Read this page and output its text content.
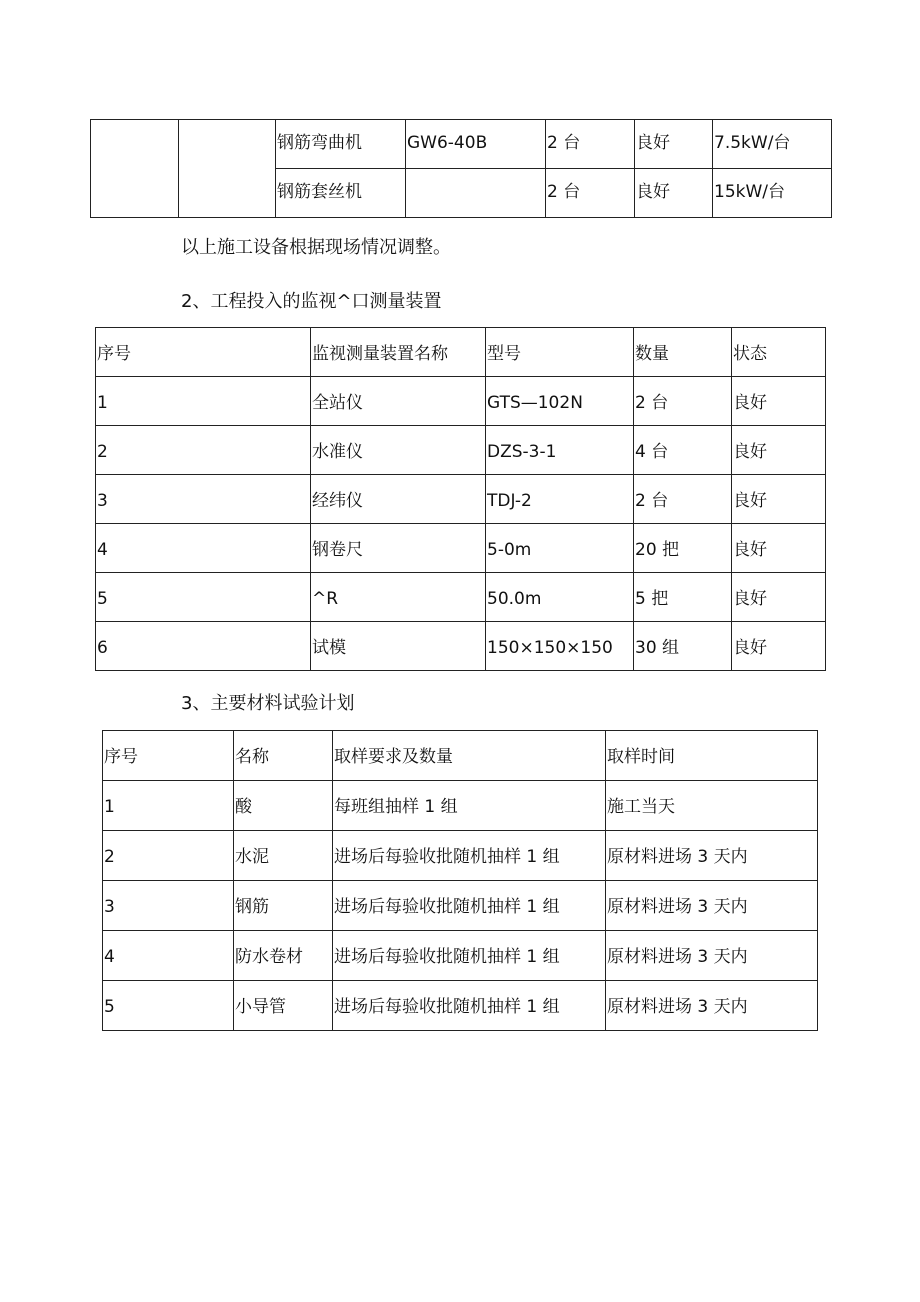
		钢筋弯曲机	GW6-40B	2 台	良好	7.5kW/台
		钢筋套丝机		2 台	良好	15kW/台
以上施工设备根据现场情况调整。
2、工程投入的监视^口测量装置
序号	监视测量装置名称	型号	数量	状态
1	全站仪	GTS—102N	2 台	良好
2	水准仪	DZS-3-1	4 台	良好
3	经纬仪	TDJ-2	2 台	良好
4	钢卷尺	5-0m	20 把	良好
5	^R	50.0m	5 把	良好
6	试模	150×150×150	30 组	良好
3、主要材料试验计划
序号	名称	取样要求及数量	取样时间
1	酸	每班组抽样 1 组	施工当天
2	水泥	进场后每验收批随机抽样 1 组	原材料进场 3 天内
3	钢筋	进场后每验收批随机抽样 1 组	原材料进场 3 天内
4	防水卷材	进场后每验收批随机抽样 1 组	原材料进场 3 天内
5	小导管	进场后每验收批随机抽样 1 组	原材料进场 3 天内
